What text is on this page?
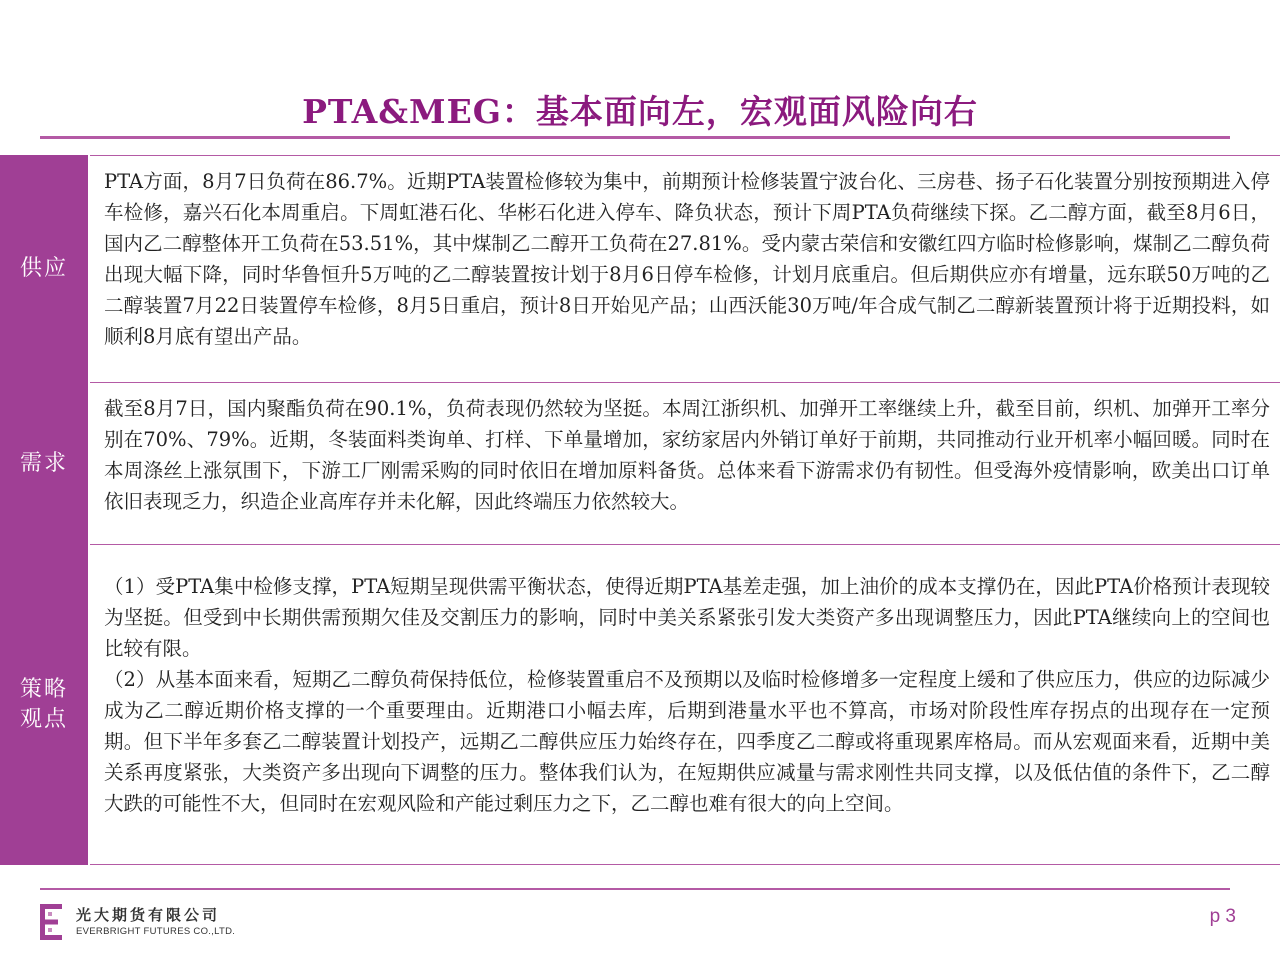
PTA&MEG：基本面向左，宏观面风险向右
供应

PTA方面，8月7日负荷在86.7%。近期PTA装置检修较为集中，前期预计检修装置宁波台化、三房巷、扬子石化装置分别按预期进入停车检修，嘉兴石化本周重启。下周虹港石化、华彬石化进入停车、降负状态，预计下周PTA负荷继续下探。乙二醇方面，截至8月6日，国内乙二醇整体开工负荷在53.51%，其中煤制乙二醇开工负荷在27.81%。受内蒙古荣信和安徽红四方临时检修影响，煤制乙二醇负荷出现大幅下降，同时华鲁恒升5万吨的乙二醇装置按计划于8月6日停车检修，计划月底重启。但后期供应亦有增量，远东联50万吨的乙二醇装置7月22日装置停车检修，8月5日重启，预计8日开始见产品；山西沃能30万吨/年合成气制乙二醇新装置预计将于近期投料，如顺利8月底有望出产品。

需求

截至8月7日，国内聚酯负荷在90.1%，负荷表现仍然较为坚挺。本周江浙织机、加弹开工率继续上升，截至目前，织机、加弹开工率分别在70%、79%。近期，冬装面料类询单、打样、下单量增加，家纺家居内外销订单好于前期，共同推动行业开机率小幅回暖。同时在本周涤丝上涨氛围下，下游工厂刚需采购的同时依旧在增加原料备货。总体来看下游需求仍有韧性。但受海外疫情影响，欧美出口订单依旧表现乏力，织造企业高库存并未化解，因此终端压力依然较大。

策略
观点

（1）受PTA集中检修支撑，PTA短期呈现供需平衡状态，使得近期PTA基差走强，加上油价的成本支撑仍在，因此PTA价格预计表现较为坚挺。但受到中长期供需预期欠佳及交割压力的影响，同时中美关系紧张引发大类资产多出现调整压力，因此PTA继续向上的空间也比较有限。

（2）从基本面来看，短期乙二醇负荷保持低位，检修装置重启不及预期以及临时检修增多一定程度上缓和了供应压力，供应的边际减少成为乙二醇近期价格支撑的一个重要理由。近期港口小幅去库，后期到港量水平也不算高，市场对阶段性库存拐点的出现存在一定预期。但下半年多套乙二醇装置计划投产，远期乙二醇供应压力始终存在，四季度乙二醇或将重现累库格局。而从宏观面来看，近期中美关系再度紧张，大类资产多出现向下调整的压力。整体我们认为，在短期供应减量与需求刚性共同支撑，以及低估值的条件下，乙二醇大跌的可能性不大，但同时在宏观风险和产能过剩压力之下，乙二醇也难有很大的向上空间。

光大期货有限公司
EVERBRIGHT FUTURES CO.,LTD.
p 3
